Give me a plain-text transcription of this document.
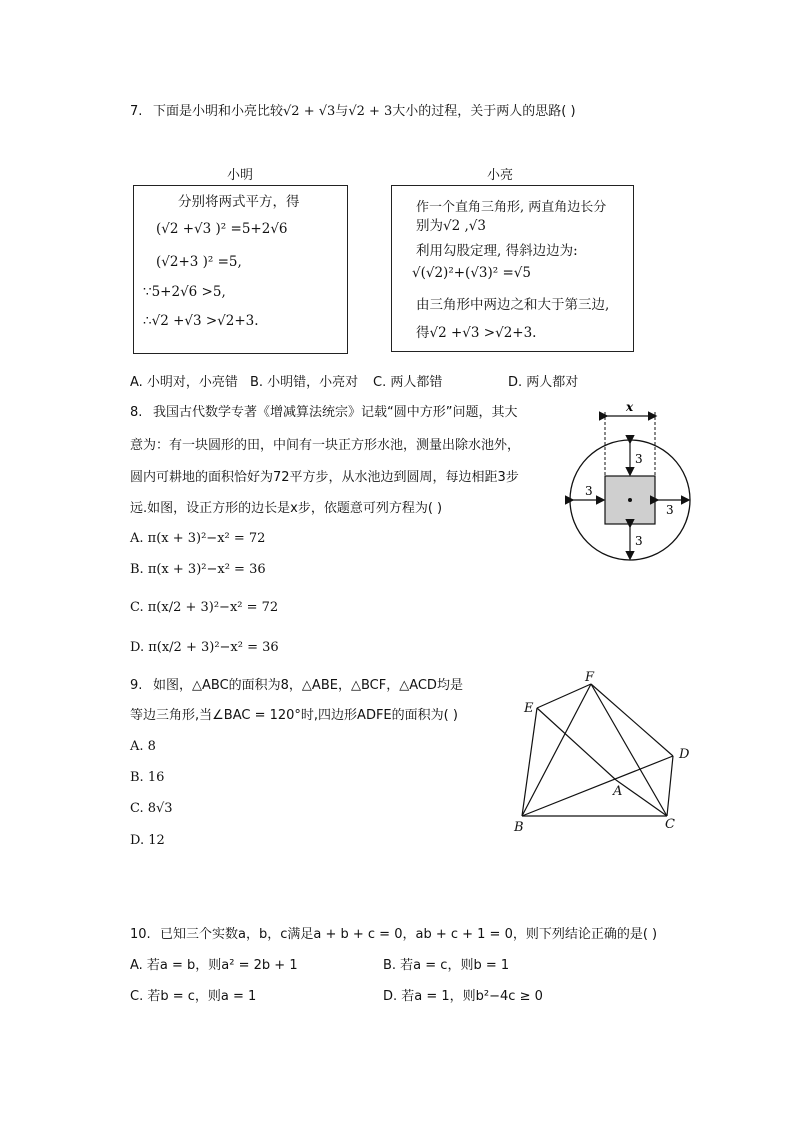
7. 下面是小明和小亮比较√2 + √3与√2 + 3大小的过程，关于两人的思路( )
小明	小亮
分别将两式平方，得
(√2 +√3 )² =5+2√6
(√2+3 )² =5,
∵5+2√6 >5,
∴√2 +√3 >√2+3.
作一个直角三角形, 两直角边长分
别为√2 ,√3
利用勾股定理, 得斜边边为:
√(√2)²+(√3)² =√5
由三角形中两边之和大于第三边,
得√2 +√3 >√2+3.
A. 小明对，小亮错 B. 小明错，小亮对 C. 两人都错	D. 两人都对
8. 我国古代数学专著《增减算法统宗》记载“圆中方形”问题，其大
意为：有一块圆形的田，中间有一块正方形水池，测量出除水池外，
圆内可耕地的面积恰好为72平方步，从水池边到圆周，每边相距3步
远.如图，设正方形的边长是x步，依题意可列方程为( )
A. π(x + 3)²−x² = 72
B. π(x + 3)²−x² = 36
C. π(x/2 + 3)²−x² = 72
D. π(x/2 + 3)²−x² = 36
x
3
3
3
3
9. 如图，△ABC的面积为8，△ABE，△BCF，△ACD均是
等边三角形,当∠BAC = 120°时,四边形ADFE的面积为( )
A. 8
B. 16
C. 8√3
D. 12
E
F
D
A
B	C
10. 已知三个实数a，b，c满足a + b + c = 0，ab + c + 1 = 0，则下列结论正确的是( )
A. 若a = b，则a² = 2b + 1	B. 若a = c，则b = 1
C. 若b = c，则a = 1	D. 若a = 1，则b²−4c ≥ 0
